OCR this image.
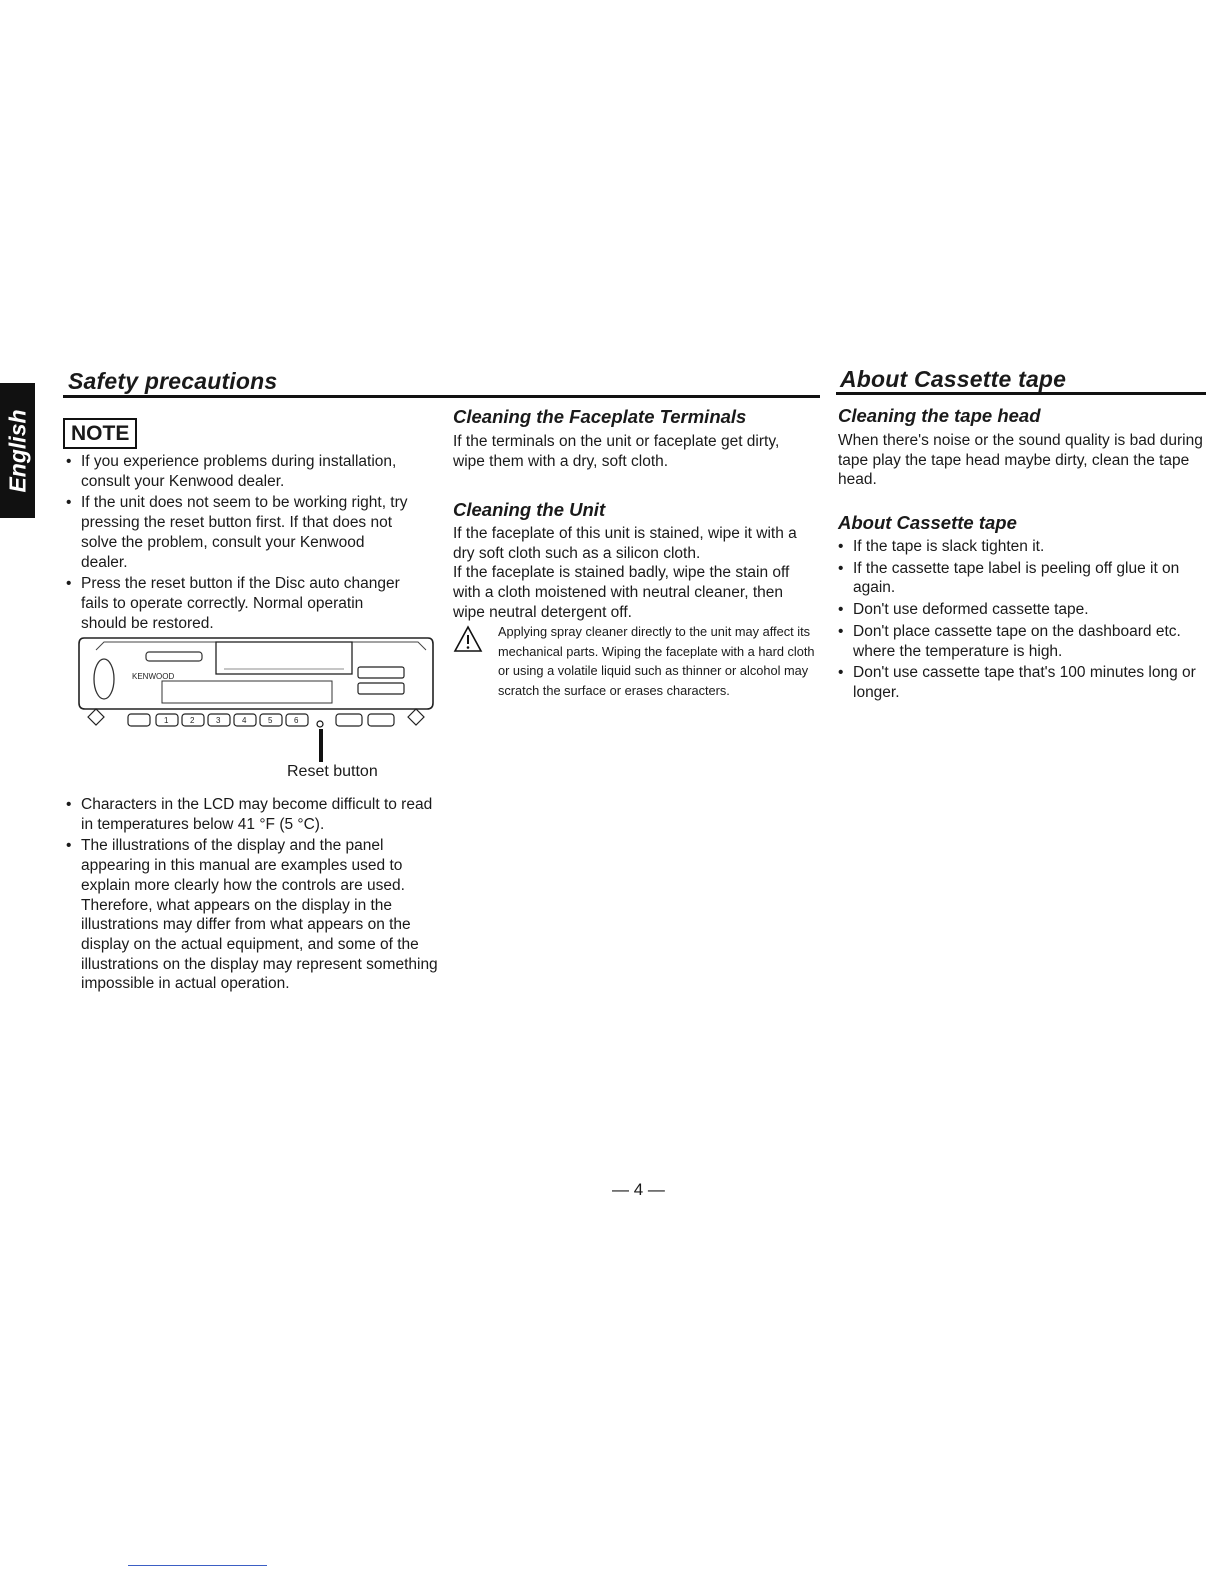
English
Safety precautions	About Cassette tape
NOTE
• If you experience problems during installation, consult your Kenwood dealer.
• If the unit does not seem to be working right, try pressing the reset button first. If that does not solve the problem, consult your Kenwood dealer.
• Press the reset button if the Disc auto changer fails to operate correctly. Normal operatin should be restored.
KENWOOD
1	2	3	4	5	6
Reset button
• Characters in the LCD may become difficult to read in temperatures below 41 °F (5 °C).
• The illustrations of the display and the panel appearing in this manual are examples used to explain more clearly how the controls are used. Therefore, what appears on the display in the illustrations may differ from what appears on the display on the actual equipment, and some of the illustrations on the display may represent something impossible in actual operation.
Cleaning the Faceplate Terminals

If the terminals on the unit or faceplate get dirty, wipe them with a dry, soft cloth.

Cleaning the Unit

If the faceplate of this unit is stained, wipe it with a dry soft cloth such as a silicon cloth.

If the faceplate is stained badly, wipe the stain off with a cloth moistened with neutral cleaner, then wipe neutral detergent off.

Applying spray cleaner directly to the unit may affect its mechanical parts. Wiping the faceplate with a hard cloth or using a volatile liquid such as thinner or alcohol may scratch the surface or erases characters.
Cleaning the tape head

When there's noise or the sound quality is bad during tape play the tape head maybe dirty, clean the tape head.

About Cassette tape
• If the tape is slack tighten it.
• If the cassette tape label is peeling off glue it on again.
• Don't use deformed cassette tape.
• Don't place cassette tape on the dashboard etc. where the temperature is high.
• Don't use cassette tape that's 100 minutes long or longer.
— 4 —
